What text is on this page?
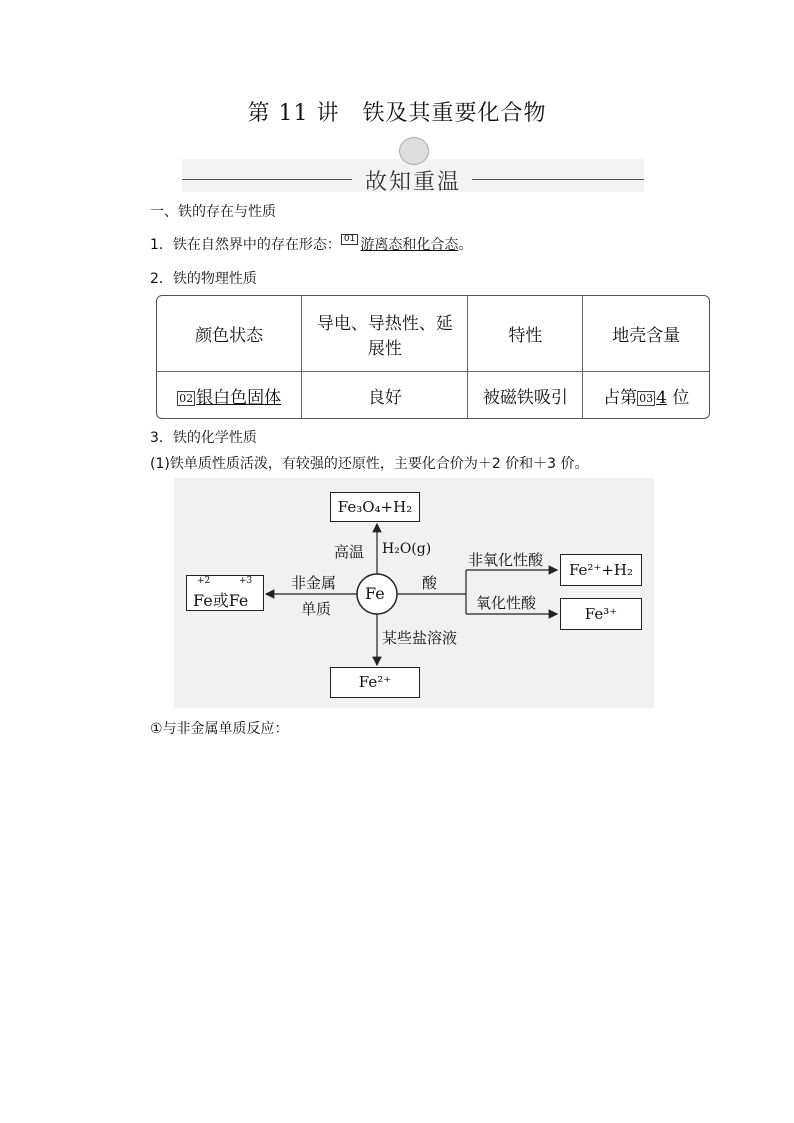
第 11 讲　铁及其重要化合物
故知重温
一、铁的存在与性质
1．铁在自然界中的存在形态： 01 游离态和化合态。
2．铁的物理性质
颜色状态	导电、导热性、延展性	特性	地壳含量
02 银白色固体	良好	被磁铁吸引	占第 03 4 位
3．铁的化学性质
(1)铁单质性质活泼，有较强的还原性，主要化合价为＋2 价和＋3 价。
Fe₃O₄+H₂
高温 H₂O(g)
Fe
+2	+3
Fe或Fe
非金属
单质
酸
非氧化性酸
Fe²⁺+H₂
氧化性酸
Fe³⁺
某些盐溶液
Fe²⁺
①与非金属单质反应：
